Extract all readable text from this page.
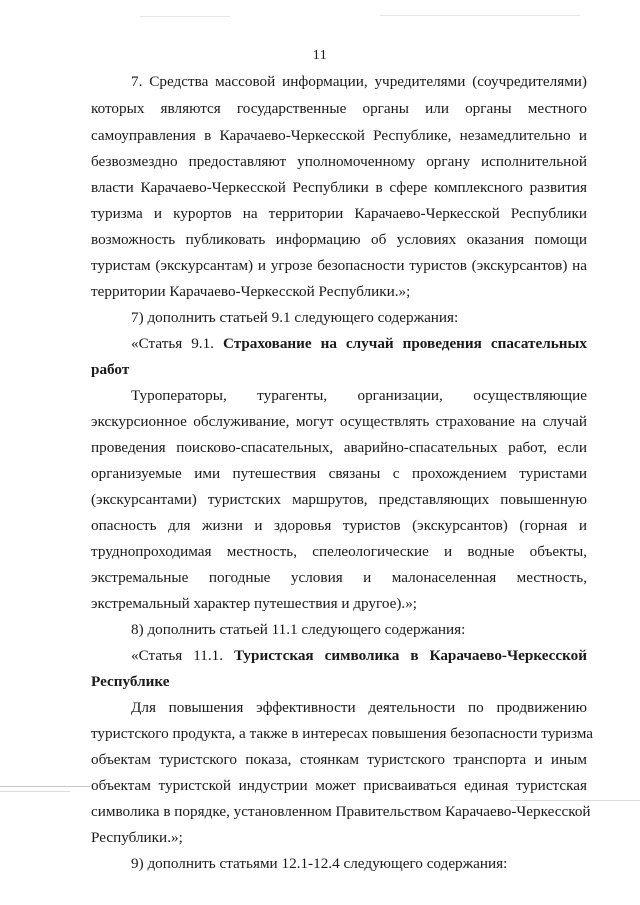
11
7. Средства массовой информации, учредителями (соучредителями)
которых являются государственные органы или органы местного
самоуправления в Карачаево-Черкесской Республике, незамедлительно и
безвозмездно предоставляют уполномоченному органу исполнительной
власти Карачаево-Черкесской Республики в сфере комплексного развития
туризма и курортов на территории Карачаево-Черкесской Республики
возможность публиковать информацию об условиях оказания помощи
туристам (экскурсантам) и угрозе безопасности туристов (экскурсантов) на
территории Карачаево-Черкесской Республики.»;
7) дополнить статьей 9.1 следующего содержания:
«Статья 9.1. Страхование на случай проведения спасательных
работ
Туроператоры, турагенты, организации, осуществляющие
экскурсионное обслуживание, могут осуществлять страхование на случай
проведения поисково-спасательных, аварийно-спасательных работ, если
организуемые ими путешествия связаны с прохождением туристами
(экскурсантами) туристских маршрутов, представляющих повышенную
опасность для жизни и здоровья туристов (экскурсантов) (горная и
труднопроходимая местность, спелеологические и водные объекты,
экстремальные погодные условия и малонаселенная местность,
экстремальный характер путешествия и другое).»;
8) дополнить статьей 11.1 следующего содержания:
«Статья 11.1. Туристская символика в Карачаево-Черкесской
Республике
Для повышения эффективности деятельности по продвижению
туристского продукта, а также в интересах повышения безопасности туризма
объектам туристского показа, стоянкам туристского транспорта и иным
объектам туристской индустрии может присваиваться единая туристская
символика в порядке, установленном Правительством Карачаево-Черкесской
Республики.»;
9) дополнить статьями 12.1-12.4 следующего содержания:
